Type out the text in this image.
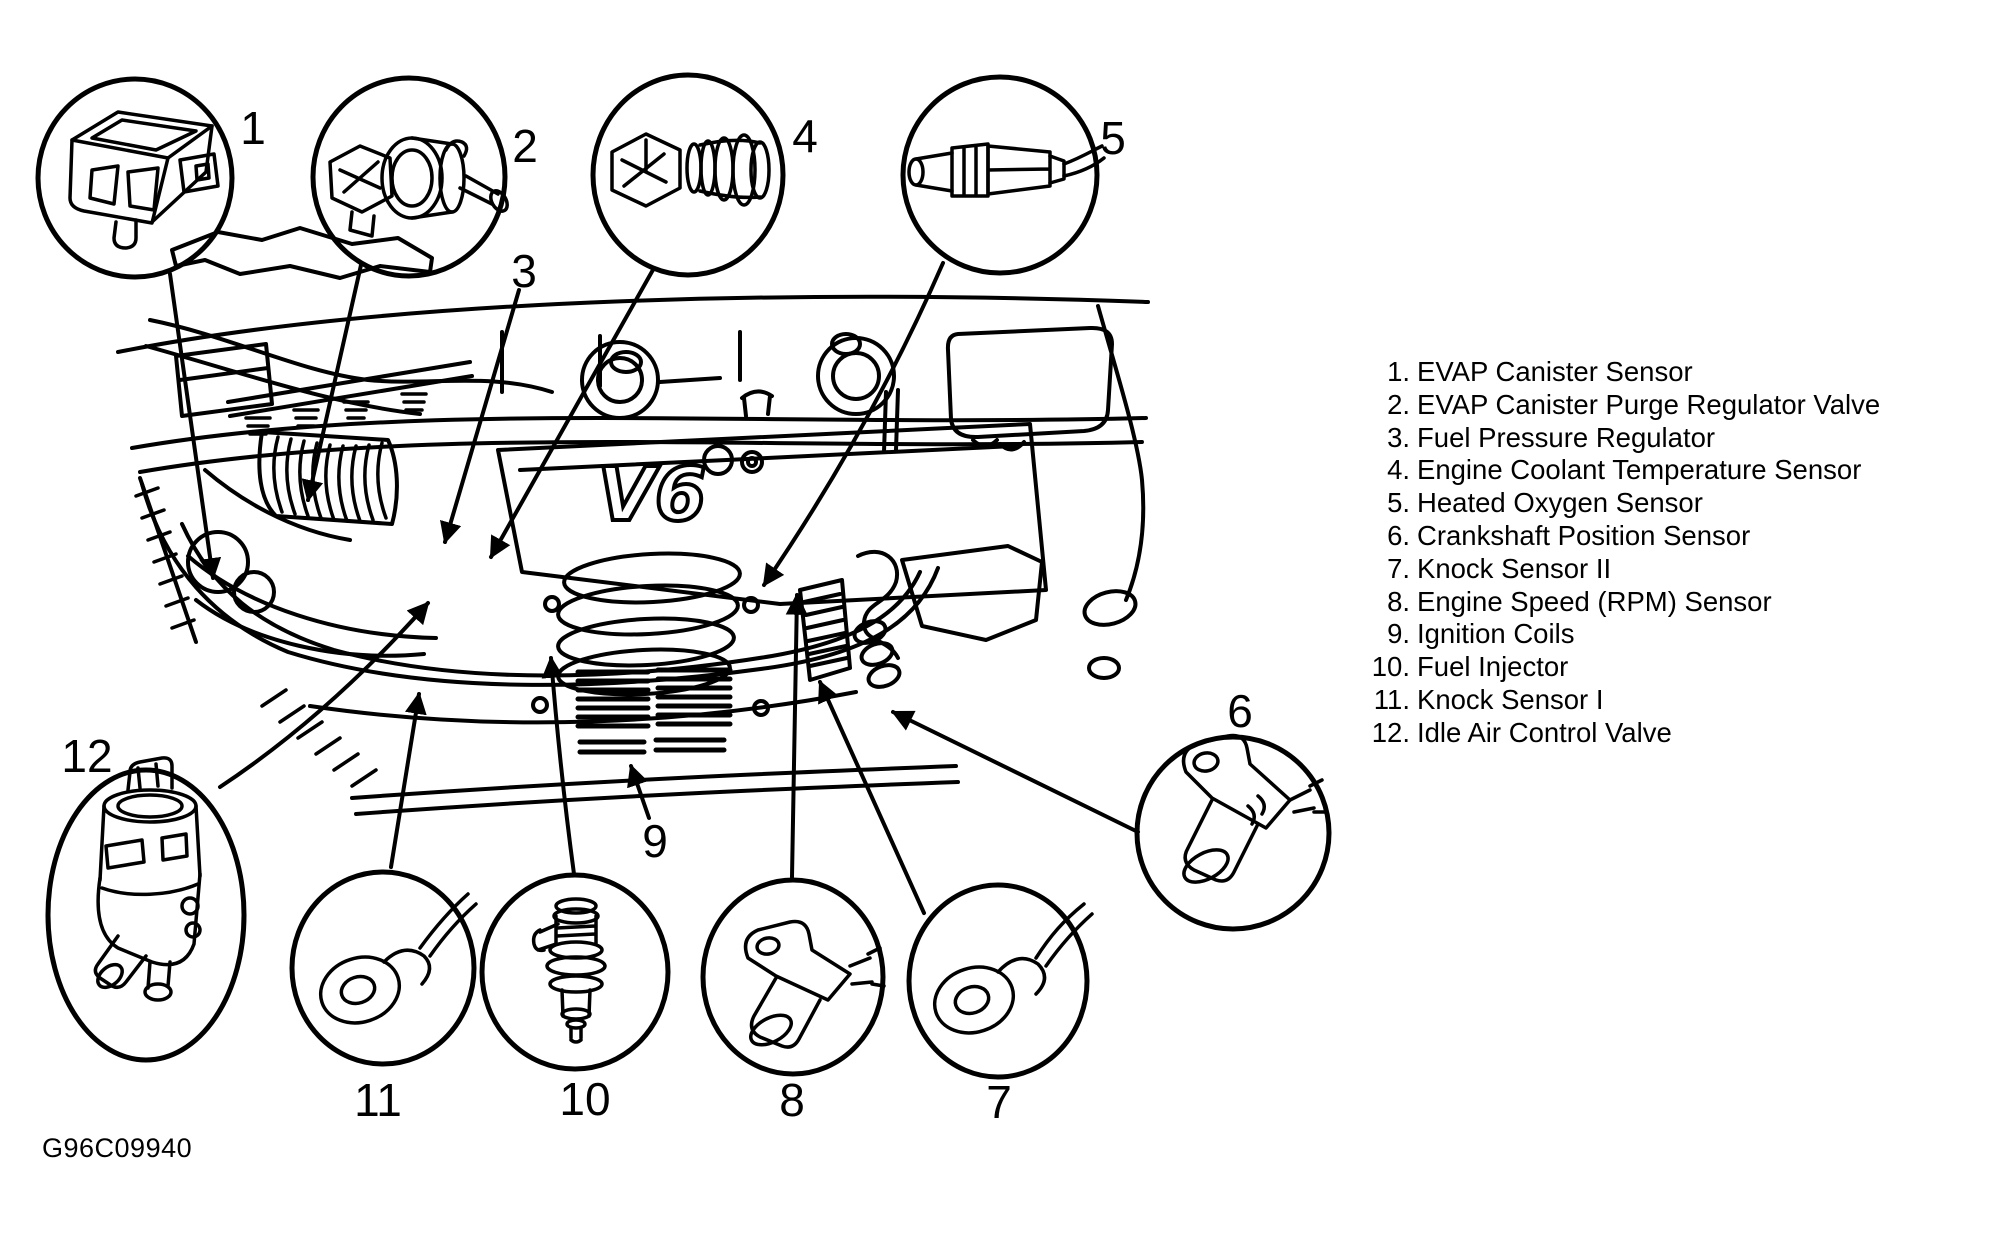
V6
1	2
3
4	5
6
7
8
9
10
11
12
1. EVAP Canister Sensor
2. EVAP Canister Purge Regulator Valve
3. Fuel Pressure Regulator
4. Engine Coolant Temperature Sensor
5. Heated Oxygen Sensor
6. Crankshaft Position Sensor
7. Knock Sensor II
8. Engine Speed (RPM) Sensor
9. Ignition Coils
10. Fuel Injector
11. Knock Sensor I
12. Idle Air Control Valve
G96C09940
